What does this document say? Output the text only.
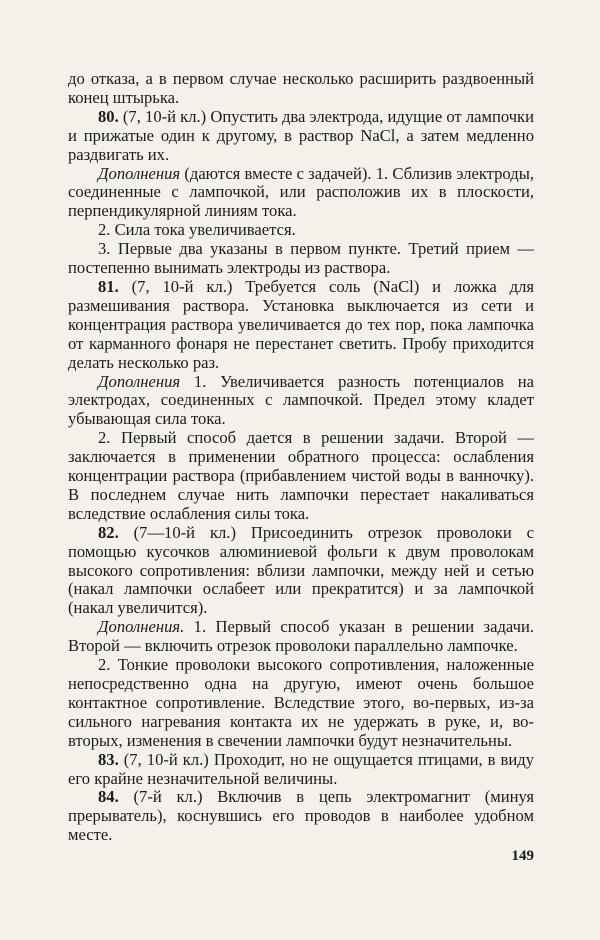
до отказа, а в первом случае несколько расширить раздвоенный конец штырька.

80. (7, 10-й кл.) Опустить два электрода, идущие от лампочки и прижатые один к другому, в раствор NaCl, а затем медленно раздвигать их.

Дополнения (даются вместе с задачей). 1. Сблизив электроды, соединенные с лампочкой, или расположив их в плоскости, перпендикулярной линиям тока.

2. Сила тока увеличивается.

3. Первые два указаны в первом пункте. Третий прием — постепенно вынимать электроды из раствора.

81. (7, 10-й кл.) Требуется соль (NaCl) и ложка для размешивания раствора. Установка выключается из сети и концентрация раствора увеличивается до тех пор, пока лампочка от карманного фонаря не перестанет светить. Пробу приходится делать несколько раз.

Дополнения 1. Увеличивается разность потенциалов на электродах, соединенных с лампочкой. Предел этому кладет убывающая сила тока.

2. Первый способ дается в решении задачи. Второй — заключается в применении обратного процесса: ослабления концентрации раствора (прибавлением чистой воды в ванночку). В последнем случае нить лампочки перестает накаливаться вследствие ослабления силы тока.

82. (7—10-й кл.) Присоединить отрезок проволоки с помощью кусочков алюминиевой фольги к двум проволокам высокого сопротивления: вблизи лампочки, между ней и сетью (накал лампочки ослабеет или прекратится) и за лампочкой (накал увеличится).

Дополнения. 1. Первый способ указан в решении задачи. Второй — включить отрезок проволоки параллельно лампочке.

2. Тонкие проволоки высокого сопротивления, наложенные непосредственно одна на другую, имеют очень большое контактное сопротивление. Вследствие этого, во-первых, из-за сильного нагревания контакта их не удержать в руке, и, во-вторых, изменения в свечении лампочки будут незначительны.

83. (7, 10-й кл.) Проходит, но не ощущается птицами, в виду его крайне незначительной величины.

84. (7-й кл.) Включив в цепь электромагнит (минуя прерыватель), коснувшись его проводов в наиболее удобном месте.

149
